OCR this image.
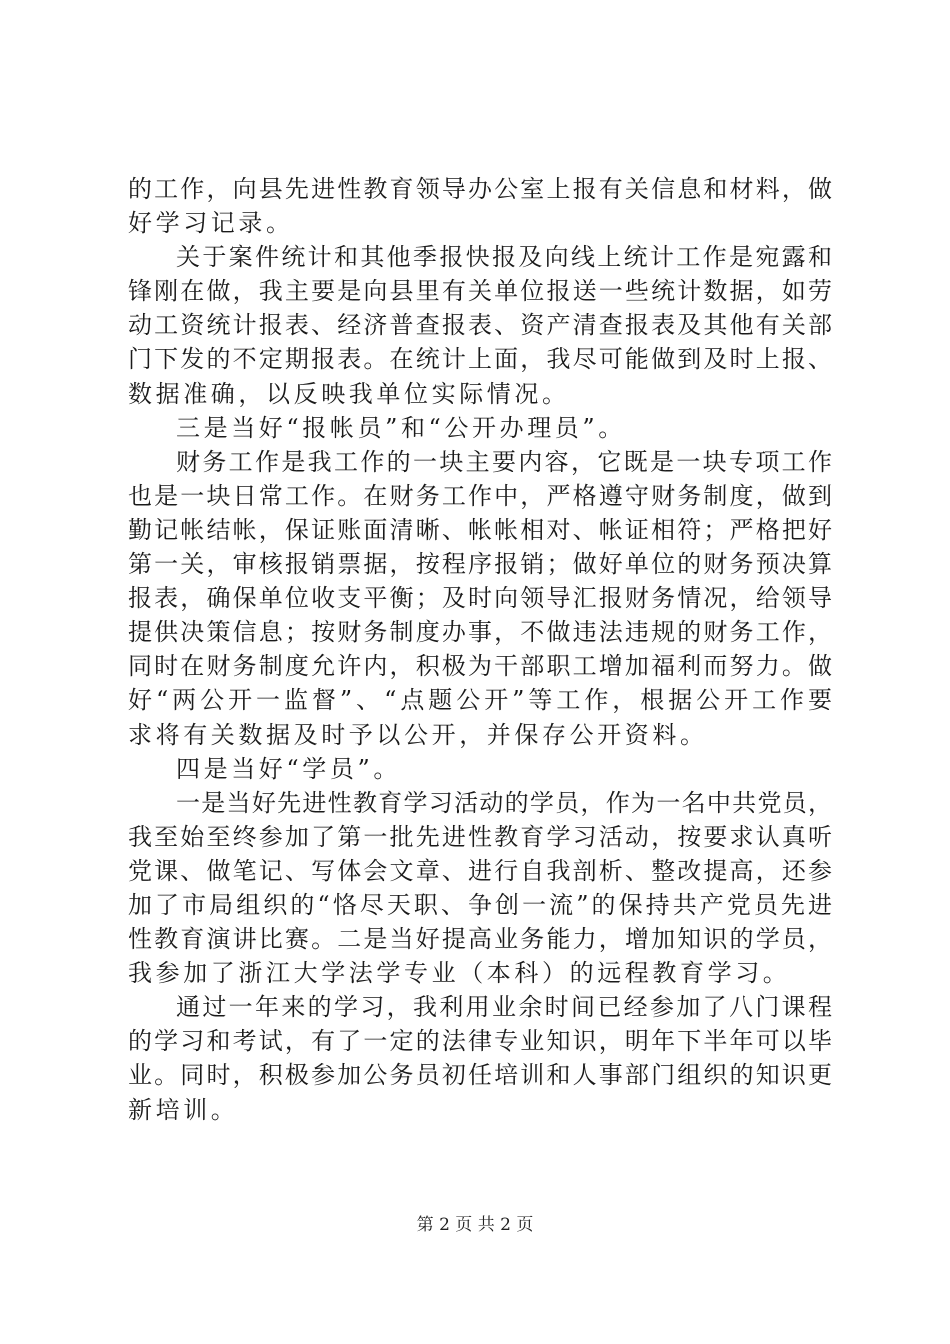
的工作，向县先进性教育领导办公室上报有关信息和材料，做
好学习记录。
关于案件统计和其他季报快报及向线上统计工作是宛露和
锋刚在做，我主要是向县里有关单位报送一些统计数据，如劳
动工资统计报表、经济普查报表、资产清查报表及其他有关部
门下发的不定期报表。在统计上面，我尽可能做到及时上报、
数据准确，以反映我单位实际情况。
三是当好“报帐员”和“公开办理员”。
财务工作是我工作的一块主要内容，它既是一块专项工作
也是一块日常工作。在财务工作中，严格遵守财务制度，做到
勤记帐结帐，保证账面清晰、帐帐相对、帐证相符；严格把好
第一关，审核报销票据，按程序报销；做好单位的财务预决算
报表，确保单位收支平衡；及时向领导汇报财务情况，给领导
提供决策信息；按财务制度办事，不做违法违规的财务工作，
同时在财务制度允许内，积极为干部职工增加福利而努力。做
好“两公开一监督”、“点题公开”等工作，根据公开工作要
求将有关数据及时予以公开，并保存公开资料。
四是当好“学员”。
一是当好先进性教育学习活动的学员，作为一名中共党员，
我至始至终参加了第一批先进性教育学习活动，按要求认真听
党课、做笔记、写体会文章、进行自我剖析、整改提高，还参
加了市局组织的“恪尽天职、争创一流”的保持共产党员先进
性教育演讲比赛。二是当好提高业务能力，增加知识的学员，
我参加了浙江大学法学专业（本科）的远程教育学习。
通过一年来的学习，我利用业余时间已经参加了八门课程
的学习和考试，有了一定的法律专业知识，明年下半年可以毕
业。同时，积极参加公务员初任培训和人事部门组织的知识更
新培训。
第 2 页 共 2 页
